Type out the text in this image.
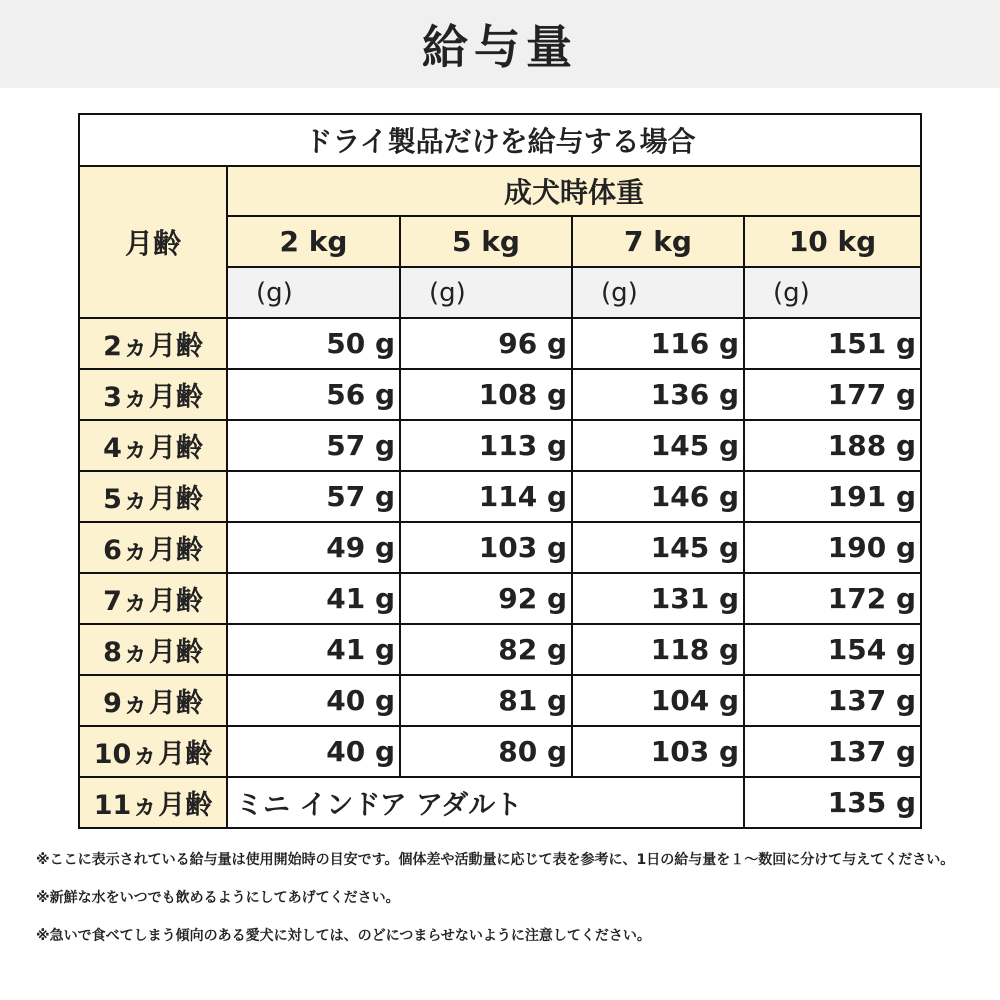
給与量
ドライ製品だけを給与する場合				
月齢	成犬時体重			
	2 kg	5 kg	7 kg	10 kg
	(g)	(g)	(g)	(g)
2ヵ月齢	50 g	96 g	116 g	151 g
3ヵ月齢	56 g	108 g	136 g	177 g
4ヵ月齢	57 g	113 g	145 g	188 g
5ヵ月齢	57 g	114 g	146 g	191 g
6ヵ月齢	49 g	103 g	145 g	190 g
7ヵ月齢	41 g	92 g	131 g	172 g
8ヵ月齢	41 g	82 g	118 g	154 g
9ヵ月齢	40 g	81 g	104 g	137 g
10ヵ月齢	40 g	80 g	103 g	137 g
11ヵ月齢	ミニ インドア アダルト			135 g

※ここに表示されている給与量は使用開始時の目安です。個体差や活動量に応じて表を参考に、1日の給与量を１～数回に分けて与えてください。

※新鮮な水をいつでも飲めるようにしてあげてください。

※急いで食べてしまう傾向のある愛犬に対しては、のどにつまらせないように注意してください。
